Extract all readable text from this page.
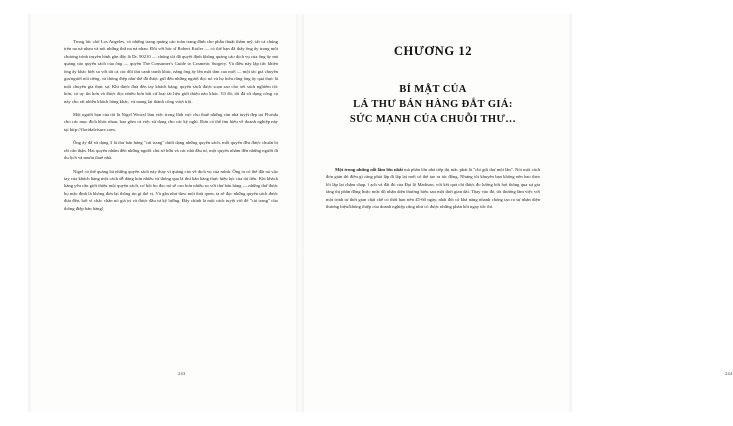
Trong lúc chờ Los Angeles, có những trang quảng cáo toàn trang đính cho phẫu thuật thẩm mỹ, tất cả chúng trên na ná nhau và nói những thứ na ná nhau. Đối với bác sĩ Robert Kotler — có thể bạn đã thấy ông ấy trong một chương trình truyền hình gần đây là Dr. 90210 — chúng tôi đã quyết định không quảng cáo dịch vụ của ông ấy mà quảng cáo quyển sách của ông — quyển The Consumer's Guide to Cosmetic Surgery. Và điều này lập tức khiến ông ấy khác biệt so với tất cả các đối thủ cạnh tranh khác, nâng ông ấy lên một tầm cao mới — một tác giả chuyên gia/người nổi tiếng, và thông điệp như thế đã được gửi đến những người đọc nó và họ hiểu rằng ông ấy quả thực là một chuyên gia thực sự. Khi được đưa đến tay khách hàng, quyển sách được soạn sao cho xét sách nghiêm tốc hơn, có uy tín hơn và được đọc nhiều hơn bất cứ loại tài liệu giới thiệu nào khác. Tờ đó, tôi đã sử dụng công cụ này cho rất nhiều khách hàng khác, và mang lại thành công vượt trội.

Một người bạn của tôi là Nigel Worral làm việc trong lĩnh vực cho thuê những căn nhà tuyệt đẹp tại Florida cho các mục đích khác nhau, bao gồm cả việc sử dụng cho các kỳ nghỉ. Đơn có thể tìm hiểu về doanh nghiệp này tại http://floridaleisure.com.

Ông ấy đã sử dụng 3 lá thư bán hàng "cải trang" dưới dạng những quyển sách, mỗi quyển đều được chuẩn bị rất cẩn thận. Hai quyển nhắm đến những người chủ sở hữu và các nhà đầu tư, một quyển nhắm đến những người đi du lịch và muốn thuê nhà.

Nigel có thể quảng bá những quyển sách này thay vì quảng cáo về dịch vụ của mình. Ông ta có thể đặt nó vào tay của khách hàng một cách dễ dàng hơn nhiều và thông qua lá thư bán hàng thực hiệu lực của tài liệu. Khi khách hàng yêu cầu giới thiệu một quyển sách, cơ hội họ đọc nó sẽ cao hơn nhiều so với thư bán hàng — những thứ được họ mặc định là không đơn lại thông tin gì thế vị. Và gần như theo một thói quen, ta sẽ đọc những quyển sách được đưa đến, bởi vì chắc chắn nó giá trị và được đầu tư kỹ lưỡng. Đây chính là một cách tuyệt vời để "cải trang" cho thông điệp bán hàng!

243

CHƯƠNG 12

BÍ MẬT CỦA
LÁ THƯ BÁN HÀNG ĐẮT GIÁ:
SỨC MẠNH CỦA CHUỖI THƯ…

Một trong những nỗi lầm lớn nhất mà phần lớn nhà tiếp thị mắc phải là "chỉ gửi thư một lần". Nói một cách đơn giản thì điều gì càng phải lặp đi lặp lại mới có thể tạo ra tác động. Nhưng tôi khuyên bạn không nên bao theo lối lặp lại chậm chạp, ì ạch và đắt đỏ của Đại lộ Madison, với kết quả chỉ được đo lường hời hợt thông qua sự gia tăng thị phần đồng hoặc mức độ nhận diện thương hiệu sau một thời gian dài. Thay vào đó, tôi thường làm việc với một trình tự thời gian chặt chẽ có thời hạn trên 45-60 ngày, nhất đối có khả năng nhanh chóng tạo ra sự nhận diện thương hiệu/không thiệp của doanh nghiệp cũng như có được những phản hồi ngay tức thì.

244
